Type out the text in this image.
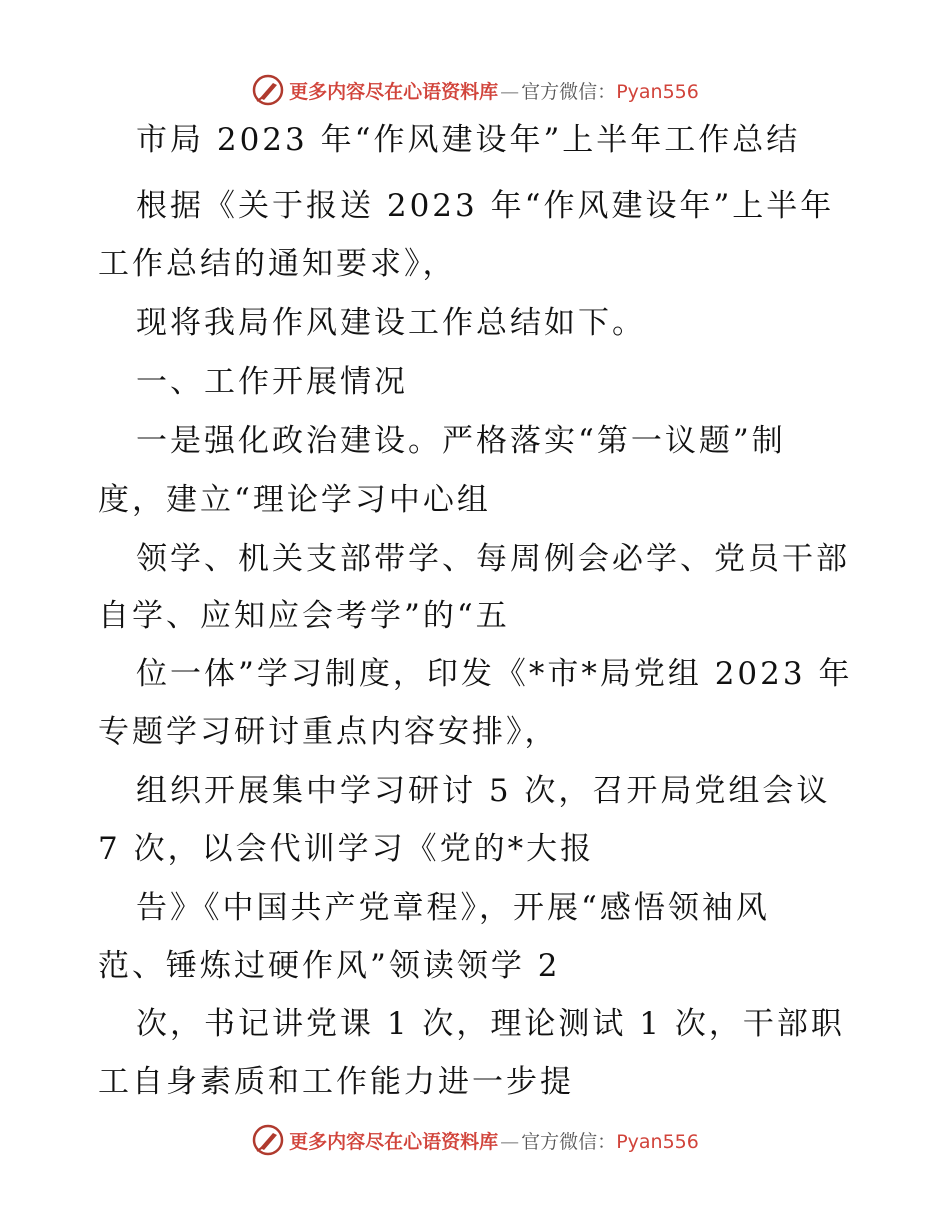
更多内容尽在心语资料库 — 官方微信：Pyan556
市局 2023 年“作风建设年”上半年工作总结
根据《关于报送 2023 年“作风建设年”上半年
工作总结的通知要求》，
现将我局作风建设工作总结如下。
一、工作开展情况
一是强化政治建设。严格落实“第一议题”制
度，建立“理论学习中心组
领学、机关支部带学、每周例会必学、党员干部
自学、应知应会考学”的“五
位一体”学习制度，印发《*市*局党组 2023 年
专题学习研讨重点内容安排》，
组织开展集中学习研讨 5 次，召开局党组会议
7 次，以会代训学习《党的*大报
告》《中国共产党章程》，开展“感悟领袖风
范、锤炼过硬作风”领读领学 2
次，书记讲党课 1 次，理论测试 1 次，干部职
工自身素质和工作能力进一步提
更多内容尽在心语资料库 — 官方微信：Pyan556
